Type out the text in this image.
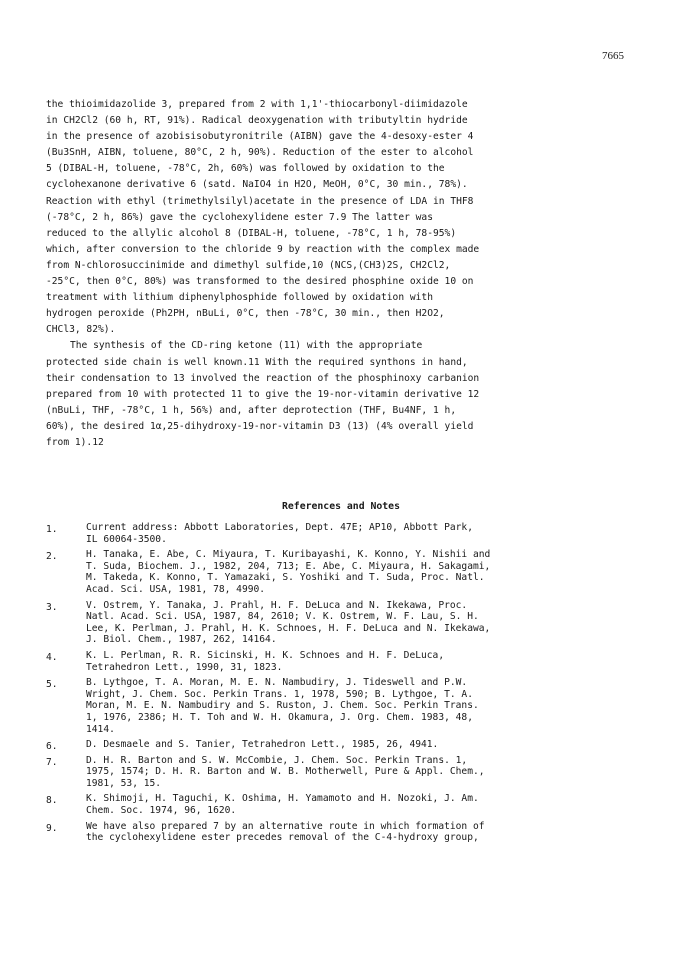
7665

the thioimidazolide 3, prepared from 2 with 1,1'-thiocarbonyl-diimidazole

in CH2Cl2 (60 h, RT, 91%). Radical deoxygenation with tributyltin hydride

in the presence of azobisisobutyronitrile (AIBN) gave the 4-desoxy-ester 4

(Bu3SnH, AIBN, toluene, 80°C, 2 h, 90%). Reduction of the ester to alcohol

5 (DIBAL-H, toluene, -78°C, 2h, 60%) was followed by oxidation to the

cyclohexanone derivative 6 (satd. NaIO4 in H2O, MeOH, 0°C, 30 min., 78%).

Reaction with ethyl (trimethylsilyl)acetate in the presence of LDA in THF8

(-78°C, 2 h, 86%) gave the cyclohexylidene ester 7.9 The latter was

reduced to the allylic alcohol 8 (DIBAL-H, toluene, -78°C, 1 h, 78-95%)

which, after conversion to the chloride 9 by reaction with the complex made

from N-chlorosuccinimide and dimethyl sulfide,10 (NCS,(CH3)2S, CH2Cl2,

-25°C, then 0°C, 80%) was transformed to the desired phosphine oxide 10 on

treatment with lithium diphenylphosphide followed by oxidation with

hydrogen peroxide (Ph2PH, nBuLi, 0°C, then -78°C, 30 min., then H2O2,

CHCl3, 82%).

The synthesis of the CD-ring ketone (11) with the appropriate

protected side chain is well known.11 With the required synthons in hand,

their condensation to 13 involved the reaction of the phosphinoxy carbanion

prepared from 10 with protected 11 to give the 19-nor-vitamin derivative 12

(nBuLi, THF, -78°C, 1 h, 56%) and, after deprotection (THF, Bu4NF, 1 h,

60%), the desired 1α,25-dihydroxy-19-nor-vitamin D3 (13) (4% overall yield

from 1).12

References and Notes
1.	Current address: Abbott Laboratories, Dept. 47E; AP10, Abbott Park,
IL 60064-3500.
2.	H. Tanaka, E. Abe, C. Miyaura, T. Kuribayashi, K. Konno, Y. Nishii and
T. Suda, Biochem. J., 1982, 204, 713; E. Abe, C. Miyaura, H. Sakagami,
M. Takeda, K. Konno, T. Yamazaki, S. Yoshiki and T. Suda, Proc. Natl.
Acad. Sci. USA, 1981, 78, 4990.
3.	V. Ostrem, Y. Tanaka, J. Prahl, H. F. DeLuca and N. Ikekawa, Proc.
Natl. Acad. Sci. USA, 1987, 84, 2610; V. K. Ostrem, W. F. Lau, S. H.
Lee, K. Perlman, J. Prahl, H. K. Schnoes, H. F. DeLuca and N. Ikekawa,
J. Biol. Chem., 1987, 262, 14164.
4.	K. L. Perlman, R. R. Sicinski, H. K. Schnoes and H. F. DeLuca,
Tetrahedron Lett., 1990, 31, 1823.
5.	B. Lythgoe, T. A. Moran, M. E. N. Nambudiry, J. Tideswell and P.W.
Wright, J. Chem. Soc. Perkin Trans. 1, 1978, 590; B. Lythgoe, T. A.
Moran, M. E. N. Nambudiry and S. Ruston, J. Chem. Soc. Perkin Trans.
1, 1976, 2386; H. T. Toh and W. H. Okamura, J. Org. Chem. 1983, 48,
1414.
6.	D. Desmaele and S. Tanier, Tetrahedron Lett., 1985, 26, 4941.
7.	D. H. R. Barton and S. W. McCombie, J. Chem. Soc. Perkin Trans. 1,
1975, 1574; D. H. R. Barton and W. B. Motherwell, Pure & Appl. Chem.,
1981, 53, 15.
8.	K. Shimoji, H. Taguchi, K. Oshima, H. Yamamoto and H. Nozoki, J. Am.
Chem. Soc. 1974, 96, 1620.
9.	We have also prepared 7 by an alternative route in which formation of
the cyclohexylidene ester precedes removal of the C-4-hydroxy group,
